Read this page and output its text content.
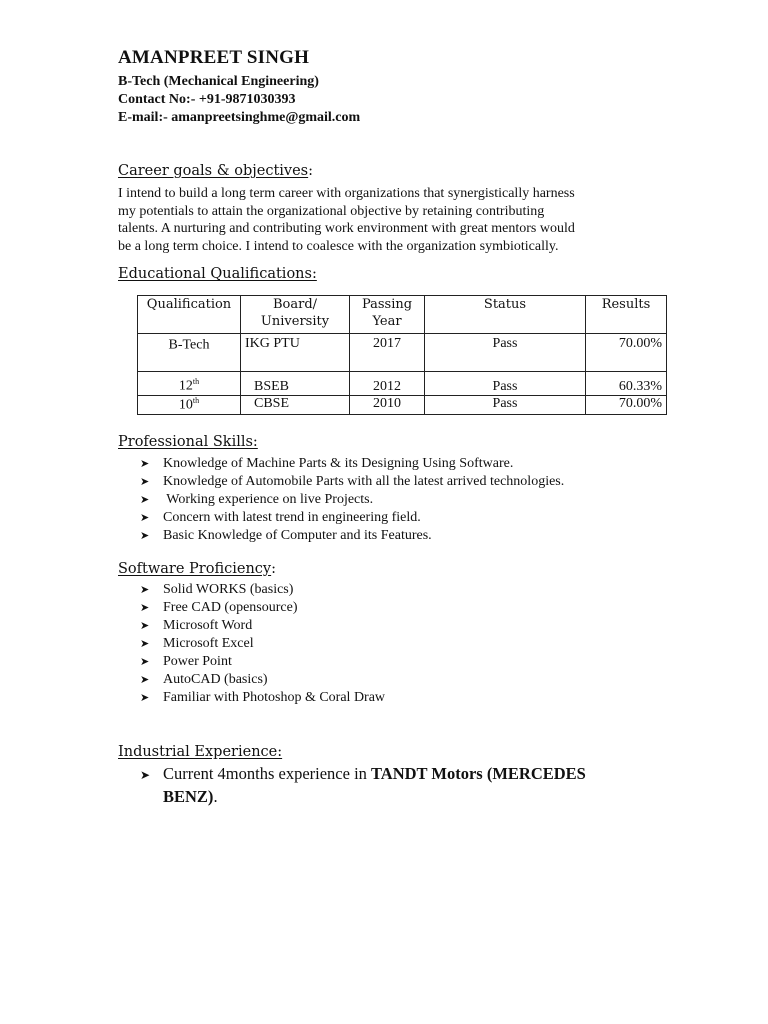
AMANPREET SINGH
B-Tech (Mechanical Engineering)
Contact No:- +91-9871030393
E-mail:- amanpreetsinghme@gmail.com
Career goals & objectives:
I intend to build a long term career with organizations that synergistically harness
my potentials to attain the organizational objective by retaining contributing
talents. A nurturing and contributing work environment with great mentors would
be a long term choice. I intend to coalesce with the organization symbiotically.
Educational Qualifications:
Qualification	Board/ University	Passing Year	Status	Results
B-Tech	IKG PTU	2017	Pass	70.00%
12th	BSEB	2012	Pass	60.33%
10th	CBSE	2010	Pass	70.00%
Professional Skills:
➤ Knowledge of Machine Parts & its Designing Using Software.
➤ Knowledge of Automobile Parts with all the latest arrived technologies.
➤ Working experience on live Projects.
➤ Concern with latest trend in engineering field.
➤ Basic Knowledge of Computer and its Features.
Software Proficiency:
➤ Solid WORKS (basics)
➤ Free CAD (opensource)
➤ Microsoft Word
➤ Microsoft Excel
➤ Power Point
➤ AutoCAD (basics)
➤ Familiar with Photoshop & Coral Draw
Industrial Experience:
➤ Current 4months experience in TANDT Motors (MERCEDES
BENZ).
